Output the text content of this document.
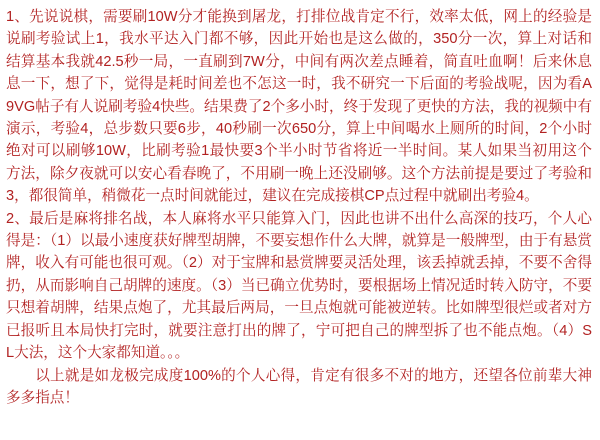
1、先说说棋，需要刷10W分才能换到屠龙，打排位战肯定不行，效率太低，网上的经验是说刷考验试上1，我水平达入门都不够，因此开始也是这么做的，350分一次，算上对话和结算基本我就42.5秒一局，一直刷到7W分，中间有两次差点睡着，简直吐血啊！后来休息息一下，想了下，觉得是耗时间差也不怎这一时，我不研究一下后面的考验战呢，因为看A9VG帖子有人说刷考验4快些。结果费了2个多小时，终于发现了更快的方法，我的视频中有演示，考验4，总步数只要6步，40秒刷一次650分，算上中间喝水上厕所的时间，2个小时绝对可以刷够10W，比刷考验1最快要3个半小时节省将近一半时间。某人如果当初用这个方法，除夕夜就可以安心看春晚了，不用刷一晚上还没刷够。这个方法前提是要过了考验和3，都很简单，稍微花一点时间就能过，建议在完成接棋CP点过程中就刷出考验4。

2、最后是麻将排名战，本人麻将水平只能算入门，因此也讲不出什么高深的技巧，个人心得是：（1）以最小速度获好牌型胡牌，不要妄想作什么大牌，就算是一般牌型，由于有悬赏牌，收入有可能也很可观。（2）对于宝牌和悬赏牌要灵活处理，该丢掉就丢掉，不要不舍得扔，从而影响自己胡牌的速度。（3）当已确立优势时，要根据场上情况适时转入防守，不要只想着胡牌，结果点炮了，尤其最后两局，一旦点炮就可能被逆转。比如牌型很烂或者对方已报听且本局快打完时，就要注意打出的牌了，宁可把自己的牌型拆了也不能点炮。（4）SL大法，这个大家都知道。。。

以上就是如龙极完成度100%的个人心得，肯定有很多不对的地方，还望各位前辈大神多多指点！
